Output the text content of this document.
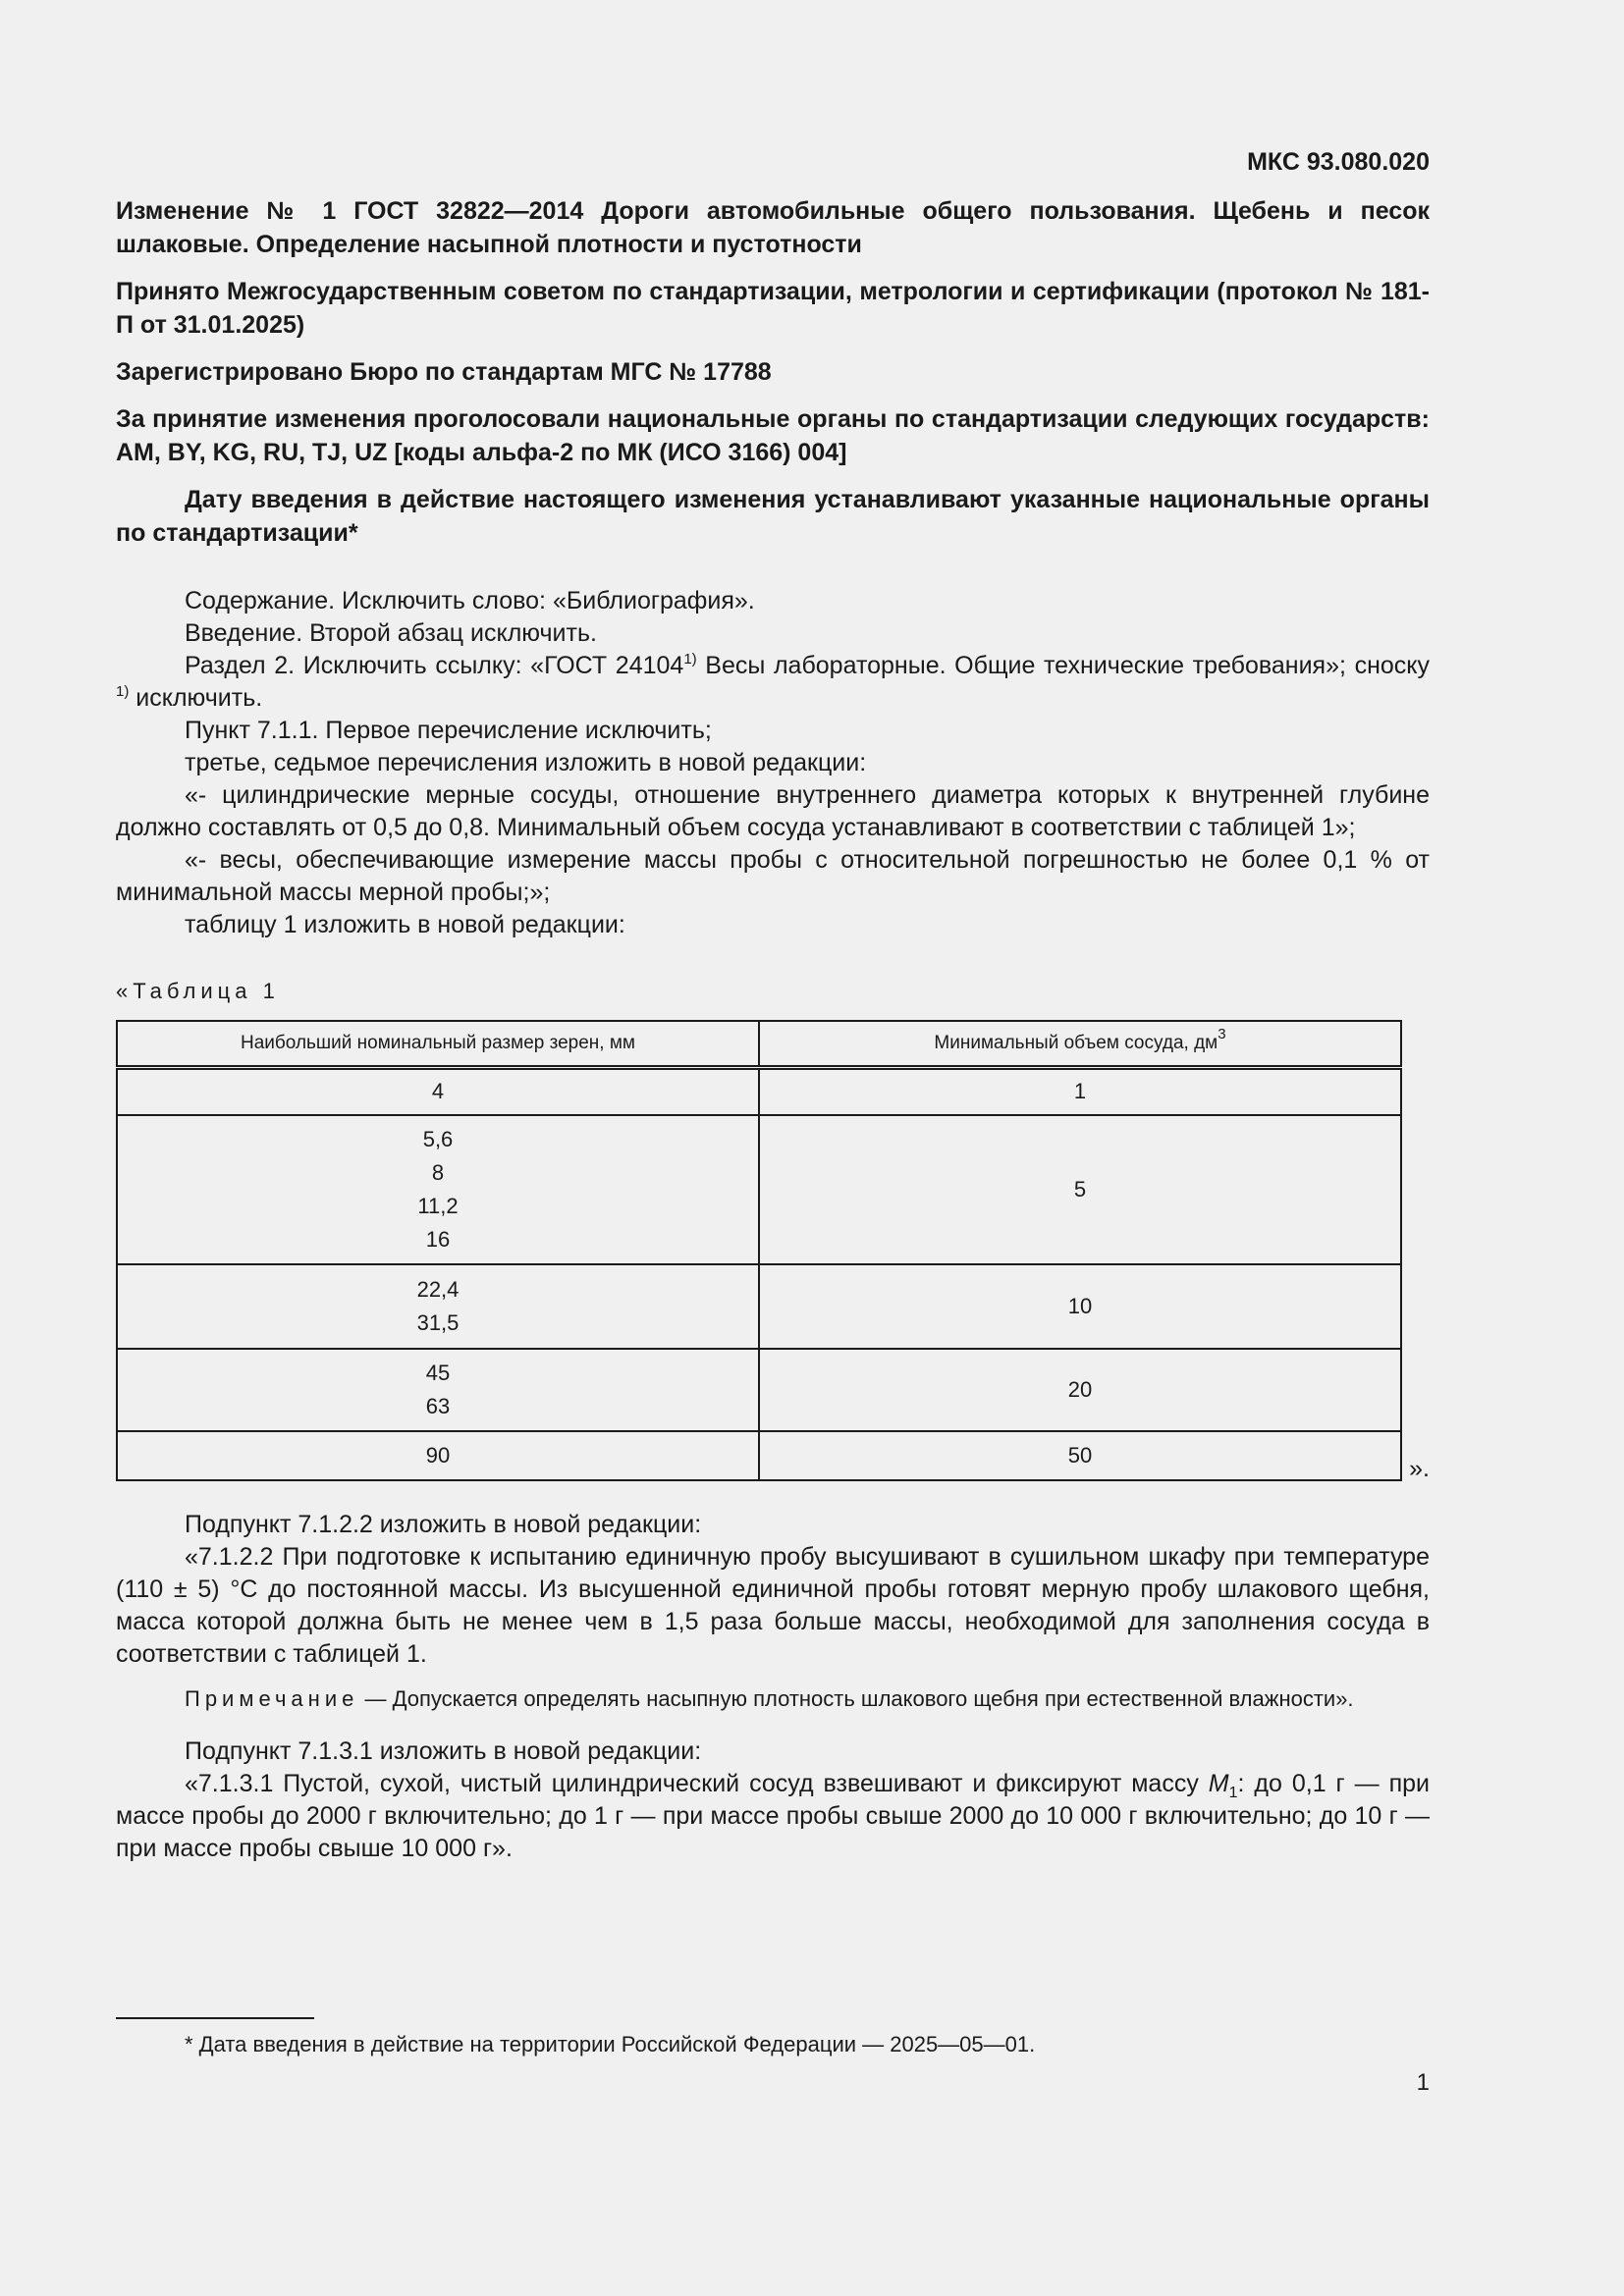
МКС 93.080.020

Изменение № 1 ГОСТ 32822—2014 Дороги автомобильные общего пользования. Щебень и песок шлаковые. Определение насыпной плотности и пустотности

Принято Межгосударственным советом по стандартизации, метрологии и сертификации (протокол № 181-П от 31.01.2025)

Зарегистрировано Бюро по стандартам МГС № 17788

За принятие изменения проголосовали национальные органы по стандартизации следующих государств: AM, BY, KG, RU, TJ, UZ [коды альфа-2 по МК (ИСО 3166) 004]

Дату введения в действие настоящего изменения устанавливают указанные национальные органы по стандартизации*

Содержание. Исключить слово: «Библиография».

Введение. Второй абзац исключить.

Раздел 2. Исключить ссылку: «ГОСТ 24104$^{1)}$ Весы лабораторные. Общие технические требования»; сноску $^{1)}$ исключить.

Пункт 7.1.1. Первое перечисление исключить;

третье, седьмое перечисления изложить в новой редакции:

«- цилиндрические мерные сосуды, отношение внутреннего диаметра которых к внутренней глубине должно составлять от 0,5 до 0,8. Минимальный объем сосуда устанавливают в соответствии с таблицей 1»;

«- весы, обеспечивающие измерение массы пробы с относительной погрешностью не более 0,1 % от минимальной массы мерной пробы;»;

таблицу 1 изложить в новой редакции:

«Таблица 1
Наибольший номинальный размер зерен, мм	Минимальный объем сосуда, $дм^3$

4	1

5,6
8
11,2
16	5

22,4
31,5	10

45
63	20

90	50	».

Подпункт 7.1.2.2 изложить в новой редакции:

«7.1.2.2 При подготовке к испытанию единичную пробу высушивают в сушильном шкафу при температуре (110 ± 5) °С до постоянной массы. Из высушенной единичной пробы готовят мерную пробу шлакового щебня, масса которой должна быть не менее чем в 1,5 раза больше массы, необходимой для заполнения сосуда в соответствии с таблицей 1.

Примечание — Допускается определять насыпную плотность шлакового щебня при естественной влажности».

Подпункт 7.1.3.1 изложить в новой редакции:

«7.1.3.1 Пустой, сухой, чистый цилиндрический сосуд взвешивают и фиксируют массу $M_1$: до 0,1 г — при массе пробы до 2000 г включительно; до 1 г — при массе пробы свыше 2000 до 10 000 г включительно; до 10 г — при массе пробы свыше 10 000 г».

* Дата введения в действие на территории Российской Федерации — 2025—05—01.
1
